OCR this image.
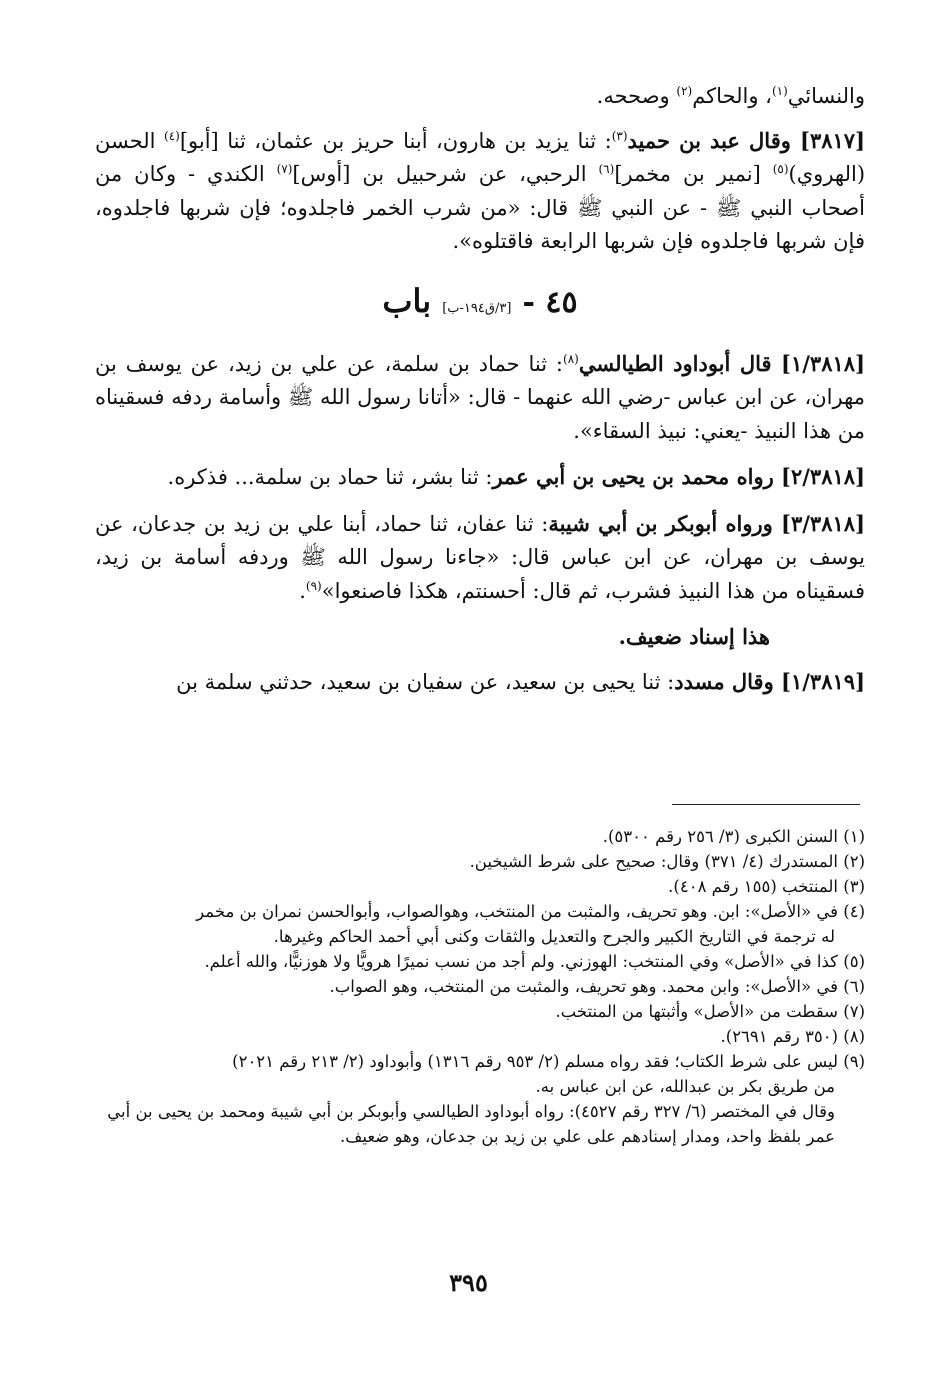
والنسائي$^{(١)}$، والحاكم$^{(٢)}$ وصححه.

[٣٨١٧] وقال عبد بن حميد$^{(٣)}$: ثنا يزيد بن هارون، أبنا حريز بن عثمان، ثنا [أبو]$^{(٤)}$ الحسن (الهروي)$^{(٥)}$ [نمير بن مخمر]$^{(٦)}$ الرحبي، عن شرحبيل بن [أوس]$^{(٧)}$ الكندي - وكان من أصحاب النبي ﷺ - عن النبي ﷺ قال: «من شرب الخمر فاجلدوه؛ فإن شربها فاجلدوه، فإن شربها فاجلدوه فإن شربها الرابعة فاقتلوه».

٤٥ - [٣/ق١٩٤-ب] باب

[١/٣٨١٨] قال أبوداود الطيالسي$^{(٨)}$: ثنا حماد بن سلمة، عن علي بن زيد، عن يوسف بن مهران، عن ابن عباس -رضي الله عنهما - قال: «أتانا رسول الله ﷺ وأسامة ردفه فسقيناه من هذا النبيذ -يعني: نبيذ السقاء».

[٢/٣٨١٨] رواه محمد بن يحيى بن أبي عمر: ثنا بشر، ثنا حماد بن سلمة... فذكره.

[٣/٣٨١٨] ورواه أبوبكر بن أبي شيبة: ثنا عفان، ثنا حماد، أبنا علي بن زيد بن جدعان، عن يوسف بن مهران، عن ابن عباس قال: «جاءنا رسول الله ﷺ وردفه أسامة بن زيد، فسقيناه من هذا النبيذ فشرب، ثم قال: أحسنتم، هكذا فاصنعوا»$^{(٩)}$.

هذا إسناد ضعيف.

[١/٣٨١٩] وقال مسدد: ثنا يحيى بن سعيد، عن سفيان بن سعيد، حدثني سلمة بن

(١) السنن الكبرى (٣/ ٢٥٦ رقم ٥٣٠٠).

(٢) المستدرك (٤/ ٣٧١) وقال: صحيح على شرط الشيخين.

(٣) المنتخب (١٥٥ رقم ٤٠٨).

(٤) في «الأصل»: ابن. وهو تحريف، والمثبت من المنتخب، وهوالصواب، وأبوالحسن نمران بن مخمر

له ترجمة في التاريخ الكبير والجرح والتعديل والثقات وكنى أبي أحمد الحاكم وغيرها.

(٥) كذا في «الأصل» وفي المنتخب: الهوزني. ولم أجد من نسب نميرًا هرويًّا ولا هوزنيًّا، والله أعلم.

(٦) في «الأصل»: وابن محمد. وهو تحريف، والمثبت من المنتخب، وهو الصواب.

(٧) سقطت من «الأصل» وأثبتها من المنتخب.

(٨) (٣٥٠ رقم ٢٦٩١).

(٩) ليس على شرط الكتاب؛ فقد رواه مسلم (٢/ ٩٥٣ رقم ١٣١٦) وأبوداود (٢/ ٢١٣ رقم ٢٠٢١)

من طريق بكر بن عبدالله، عن ابن عباس به.

وقال في المختصر (٦/ ٣٢٧ رقم ٤٥٢٧): رواه أبوداود الطيالسي وأبوبكر بن أبي شيبة ومحمد بن يحيى بن أبي عمر بلفظ واحد، ومدار إسنادهم على علي بن زيد بن جدعان، وهو ضعيف.

٣٩٥
